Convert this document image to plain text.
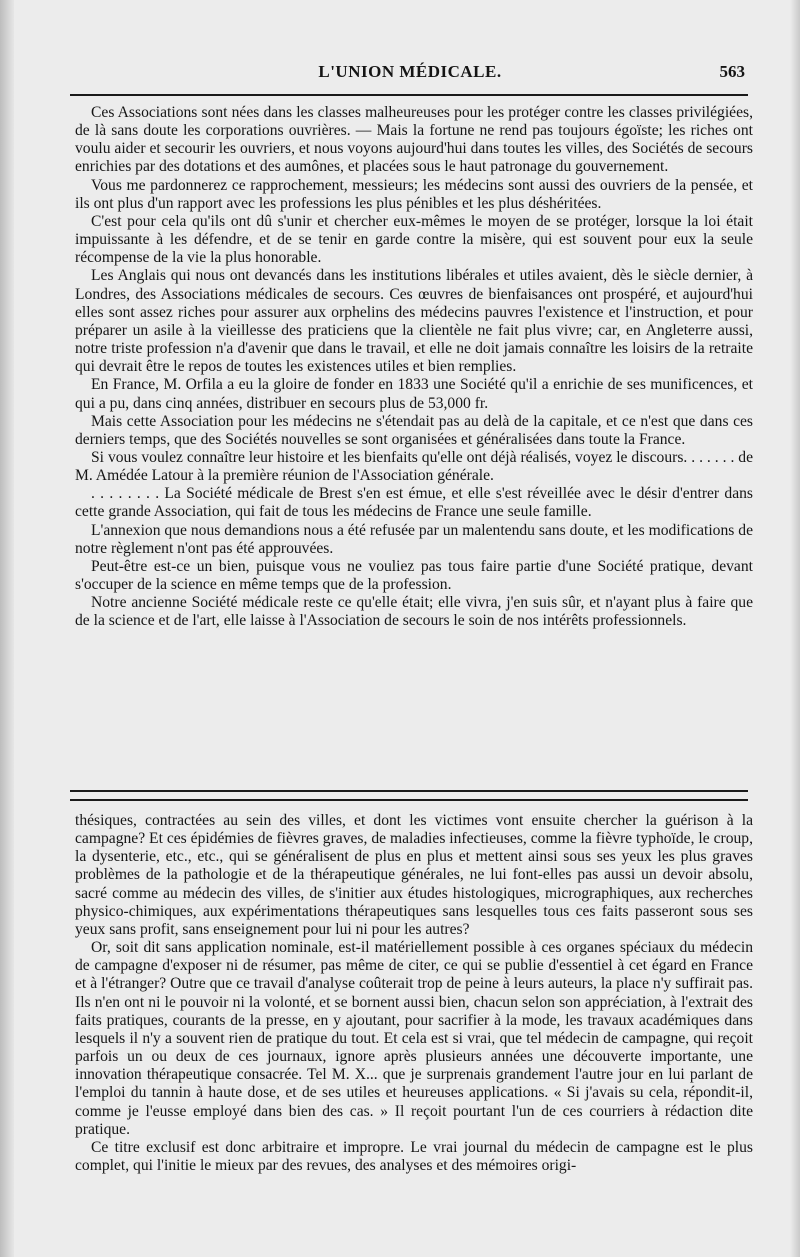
L'UNION MÉDICALE.	563

Ces Associations sont nées dans les classes malheureuses pour les protéger contre les classes privilégiées, de là sans doute les corporations ouvrières. — Mais la fortune ne rend pas toujours égoïste; les riches ont voulu aider et secourir les ouvriers, et nous voyons aujourd'hui dans toutes les villes, des Sociétés de secours enrichies par des dotations et des aumônes, et placées sous le haut patronage du gouvernement.

Vous me pardonnerez ce rapprochement, messieurs; les médecins sont aussi des ouvriers de la pensée, et ils ont plus d'un rapport avec les professions les plus pénibles et les plus déshéritées.

C'est pour cela qu'ils ont dû s'unir et chercher eux-mêmes le moyen de se protéger, lorsque la loi était impuissante à les défendre, et de se tenir en garde contre la misère, qui est souvent pour eux la seule récompense de la vie la plus honorable.

Les Anglais qui nous ont devancés dans les institutions libérales et utiles avaient, dès le siècle dernier, à Londres, des Associations médicales de secours. Ces œuvres de bienfaisances ont prospéré, et aujourd'hui elles sont assez riches pour assurer aux orphelins des médecins pauvres l'existence et l'instruction, et pour préparer un asile à la vieillesse des praticiens que la clientèle ne fait plus vivre; car, en Angleterre aussi, notre triste profession n'a d'avenir que dans le travail, et elle ne doit jamais connaître les loisirs de la retraite qui devrait être le repos de toutes les existences utiles et bien remplies.

En France, M. Orfila a eu la gloire de fonder en 1833 une Société qu'il a enrichie de ses munificences, et qui a pu, dans cinq années, distribuer en secours plus de 53,000 fr.

Mais cette Association pour les médecins ne s'étendait pas au delà de la capitale, et ce n'est que dans ces derniers temps, que des Sociétés nouvelles se sont organisées et généralisées dans toute la France.

Si vous voulez connaître leur histoire et les bienfaits qu'elle ont déjà réalisés, voyez le discours. . . . . . . de M. Amédée Latour à la première réunion de l'Association générale.

. . . . . . . . La Société médicale de Brest s'en est émue, et elle s'est réveillée avec le désir d'entrer dans cette grande Association, qui fait de tous les médecins de France une seule famille.

L'annexion que nous demandions nous a été refusée par un malentendu sans doute, et les modifications de notre règlement n'ont pas été approuvées.

Peut-être est-ce un bien, puisque vous ne vouliez pas tous faire partie d'une Société pratique, devant s'occuper de la science en même temps que de la profession.

Notre ancienne Société médicale reste ce qu'elle était; elle vivra, j'en suis sûr, et n'ayant plus à faire que de la science et de l'art, elle laisse à l'Association de secours le soin de nos intérêts professionnels.

thésiques, contractées au sein des villes, et dont les victimes vont ensuite chercher la guérison à la campagne? Et ces épidémies de fièvres graves, de maladies infectieuses, comme la fièvre typhoïde, le croup, la dysenterie, etc., etc., qui se généralisent de plus en plus et mettent ainsi sous ses yeux les plus graves problèmes de la pathologie et de la thérapeutique générales, ne lui font-elles pas aussi un devoir absolu, sacré comme au médecin des villes, de s'initier aux études histologiques, micrographiques, aux recherches physico-chimiques, aux expérimentations thérapeutiques sans lesquelles tous ces faits passeront sous ses yeux sans profit, sans enseignement pour lui ni pour les autres?

Or, soit dit sans application nominale, est-il matériellement possible à ces organes spéciaux du médecin de campagne d'exposer ni de résumer, pas même de citer, ce qui se publie d'essentiel à cet égard en France et à l'étranger? Outre que ce travail d'analyse coûterait trop de peine à leurs auteurs, la place n'y suffirait pas. Ils n'en ont ni le pouvoir ni la volonté, et se bornent aussi bien, chacun selon son appréciation, à l'extrait des faits pratiques, courants de la presse, en y ajoutant, pour sacrifier à la mode, les travaux académiques dans lesquels il n'y a souvent rien de pratique du tout. Et cela est si vrai, que tel médecin de campagne, qui reçoit parfois un ou deux de ces journaux, ignore après plusieurs années une découverte importante, une innovation thérapeutique consacrée. Tel M. X... que je surprenais grandement l'autre jour en lui parlant de l'emploi du tannin à haute dose, et de ses utiles et heureuses applications. « Si j'avais su cela, répondit-il, comme je l'eusse employé dans bien des cas. » Il reçoit pourtant l'un de ces courriers à rédaction dite pratique.

Ce titre exclusif est donc arbitraire et impropre. Le vrai journal du médecin de campagne est le plus complet, qui l'initie le mieux par des revues, des analyses et des mémoires origi-
